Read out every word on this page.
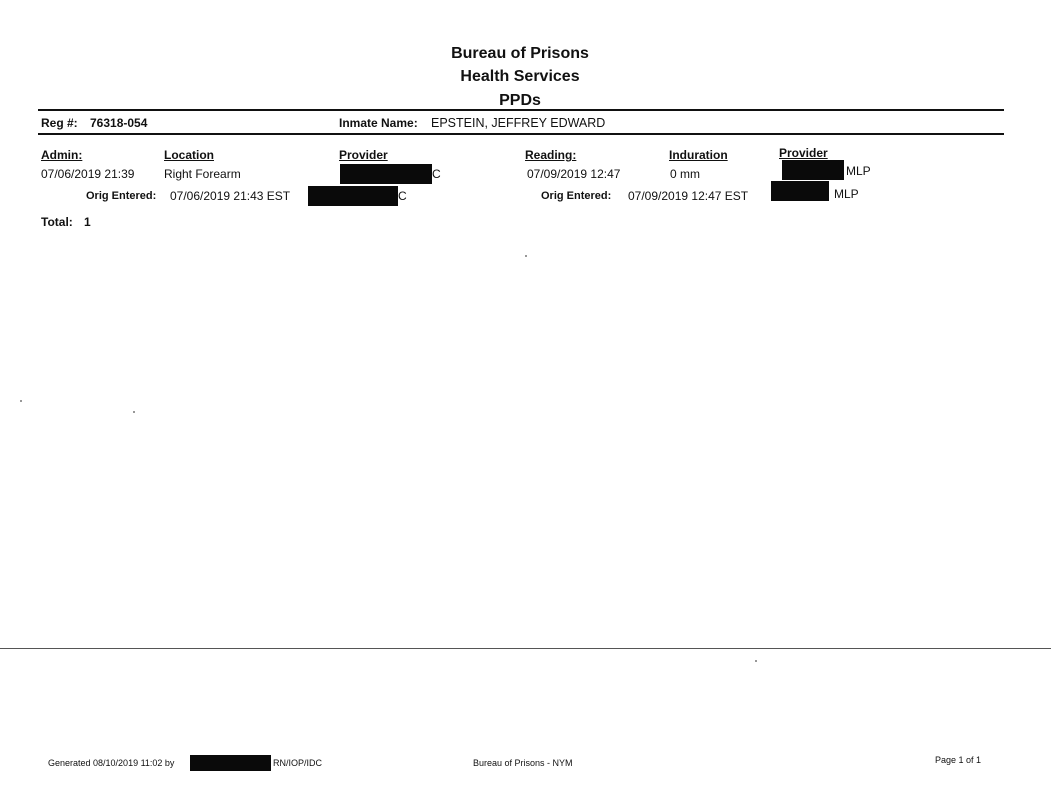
Bureau of Prisons
Health Services
PPDs
Reg #: 76318-054	Inmate Name: EPSTEIN, JEFFREY EDWARD
Admin:	Location	Provider	Reading:	Induration	Provider
07/06/2019 21:39 Right Forearm	C	07/09/2019 12:47	0 mm	MLP
Orig Entered: 07/06/2019 21:43 EST	C	Orig Entered: 07/09/2019 12:47 EST	MLP
Total: 1
Generated 08/10/2019 11:02 by	RN/IOP/IDC	Bureau of Prisons - NYM	Page 1 of 1
